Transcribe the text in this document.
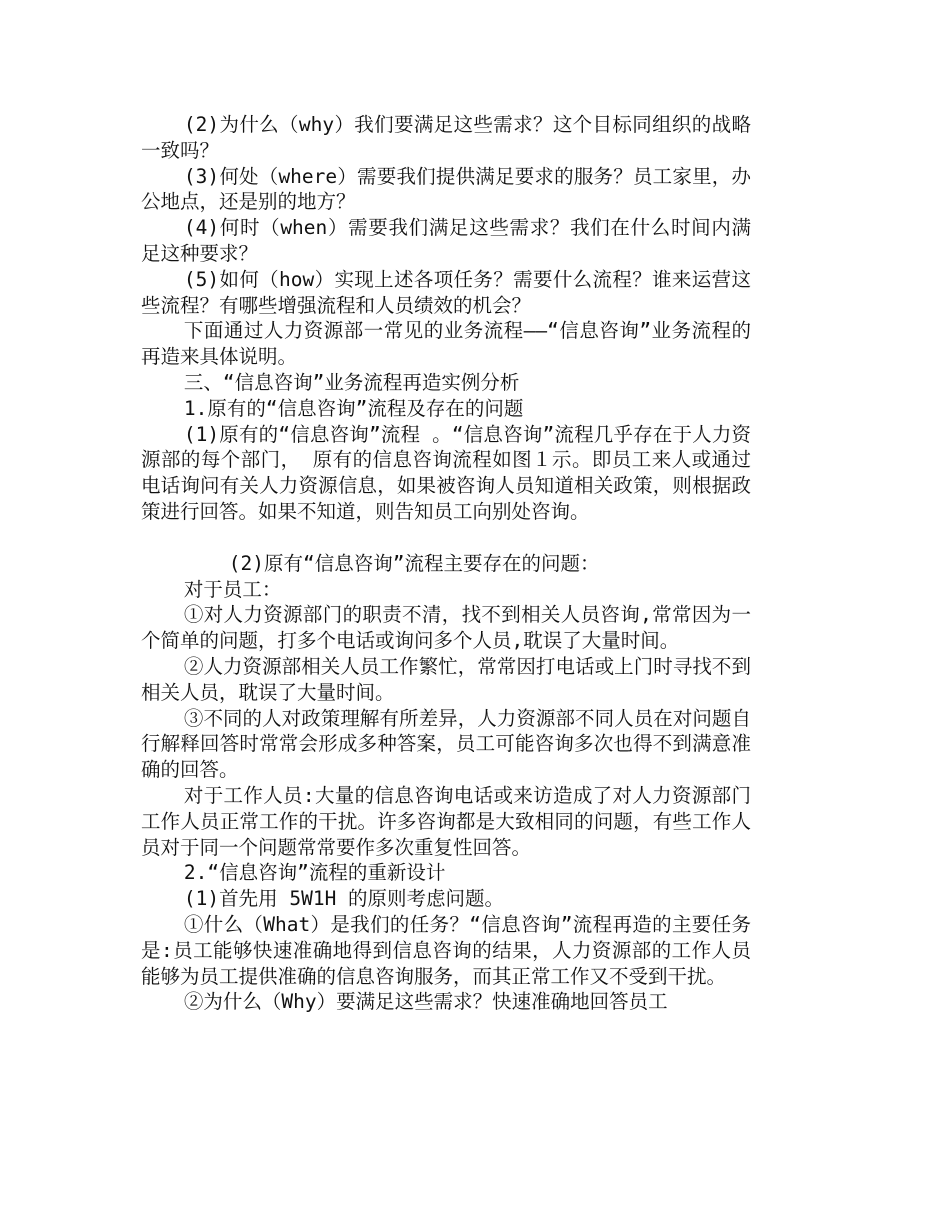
(2)为什么（why）我们要满足这些需求？这个目标同组织的战略一致吗？

(3)何处（where）需要我们提供满足要求的服务？员工家里，办公地点，还是别的地方？

(4)何时（when）需要我们满足这些需求？我们在什么时间内满足这种要求？

(5)如何（how）实现上述各项任务？需要什么流程？谁来运营这些流程？有哪些增强流程和人员绩效的机会？

下面通过人力资源部一常见的业务流程——“信息咨询”业务流程的再造来具体说明。

三、“信息咨询”业务流程再造实例分析

1.原有的“信息咨询”流程及存在的问题

(1)原有的“信息咨询”流程 。“信息咨询”流程几乎存在于人力资源部的每个部门， 原有的信息咨询流程如图１示。即员工来人或通过电话询问有关人力资源信息，如果被咨询人员知道相关政策，则根据政策进行回答。如果不知道，则告知员工向别处咨询。

(2)原有“信息咨询”流程主要存在的问题：

对于员工：

①对人力资源部门的职责不清，找不到相关人员咨询,常常因为一个简单的问题，打多个电话或询问多个人员,耽误了大量时间。

②人力资源部相关人员工作繁忙，常常因打电话或上门时寻找不到相关人员，耽误了大量时间。

③不同的人对政策理解有所差异，人力资源部不同人员在对问题自行解释回答时常常会形成多种答案，员工可能咨询多次也得不到满意准确的回答。

对于工作人员:大量的信息咨询电话或来访造成了对人力资源部门工作人员正常工作的干扰。许多咨询都是大致相同的问题，有些工作人员对于同一个问题常常要作多次重复性回答。

2.“信息咨询”流程的重新设计

(1)首先用 5W1H 的原则考虑问题。

①什么（What）是我们的任务？“信息咨询”流程再造的主要任务是:员工能够快速准确地得到信息咨询的结果，人力资源部的工作人员能够为员工提供准确的信息咨询服务，而其正常工作又不受到干扰。

②为什么（Why）要满足这些需求？快速准确地回答员工
